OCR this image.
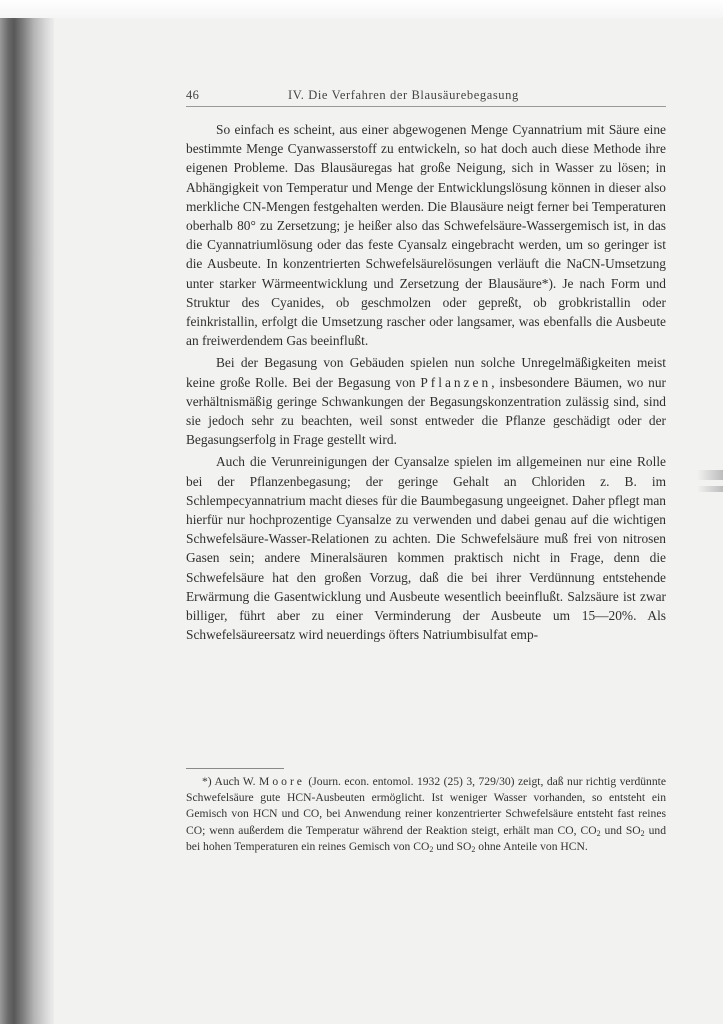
46	IV. Die Verfahren der Blausäurebegasung

So einfach es scheint, aus einer abgewogenen Menge Cyannatrium mit Säure eine bestimmte Menge Cyanwasserstoff zu entwickeln, so hat doch auch diese Methode ihre eigenen Probleme. Das Blausäuregas hat große Neigung, sich in Wasser zu lösen; in Abhängigkeit von Temperatur und Menge der Entwicklungslösung können in dieser also merkliche CN-Mengen festgehalten werden. Die Blausäure neigt ferner bei Temperaturen oberhalb 80° zu Zersetzung; je heißer also das Schwefelsäure-Wassergemisch ist, in das die Cyannatriumlösung oder das feste Cyansalz eingebracht werden, um so geringer ist die Ausbeute. In konzentrierten Schwefelsäurelösungen verläuft die NaCN-Umsetzung unter starker Wärmeentwicklung und Zersetzung der Blausäure*). Je nach Form und Struktur des Cyanides, ob geschmolzen oder gepreßt, ob grobkristallin oder feinkristallin, erfolgt die Umsetzung rascher oder langsamer, was ebenfalls die Ausbeute an freiwerdendem Gas beeinflußt.

Bei der Begasung von Gebäuden spielen nun solche Unregelmäßigkeiten meist keine große Rolle. Bei der Begasung von Pflanzen, insbesondere Bäumen, wo nur verhältnismäßig geringe Schwankungen der Begasungskonzentration zulässig sind, sind sie jedoch sehr zu beachten, weil sonst entweder die Pflanze geschädigt oder der Begasungserfolg in Frage gestellt wird.

Auch die Verunreinigungen der Cyansalze spielen im allgemeinen nur eine Rolle bei der Pflanzenbegasung; der geringe Gehalt an Chloriden z. B. im Schlempecyannatrium macht dieses für die Baumbegasung ungeeignet. Daher pflegt man hierfür nur hochprozentige Cyansalze zu verwenden und dabei genau auf die wichtigen Schwefelsäure-Wasser-Relationen zu achten. Die Schwefelsäure muß frei von nitrosen Gasen sein; andere Mineralsäuren kommen praktisch nicht in Frage, denn die Schwefelsäure hat den großen Vorzug, daß die bei ihrer Verdünnung entstehende Erwärmung die Gasentwicklung und Ausbeute wesentlich beeinflußt. Salzsäure ist zwar billiger, führt aber zu einer Verminderung der Ausbeute um 15—20%. Als Schwefelsäureersatz wird neuerdings öfters Natriumbisulfat emp-

*) Auch W. Moore (Journ. econ. entomol. 1932 (25) 3, 729/30) zeigt, daß nur richtig verdünnte Schwefelsäure gute HCN-Ausbeuten ermöglicht. Ist weniger Wasser vorhanden, so entsteht ein Gemisch von HCN und CO, bei Anwendung reiner konzentrierter Schwefelsäure entsteht fast reines CO; wenn außerdem die Temperatur während der Reaktion steigt, erhält man CO, $CO_2$ und $SO_2$ und bei hohen Temperaturen ein reines Gemisch von $CO_2$ und $SO_2$ ohne Anteile von HCN.
